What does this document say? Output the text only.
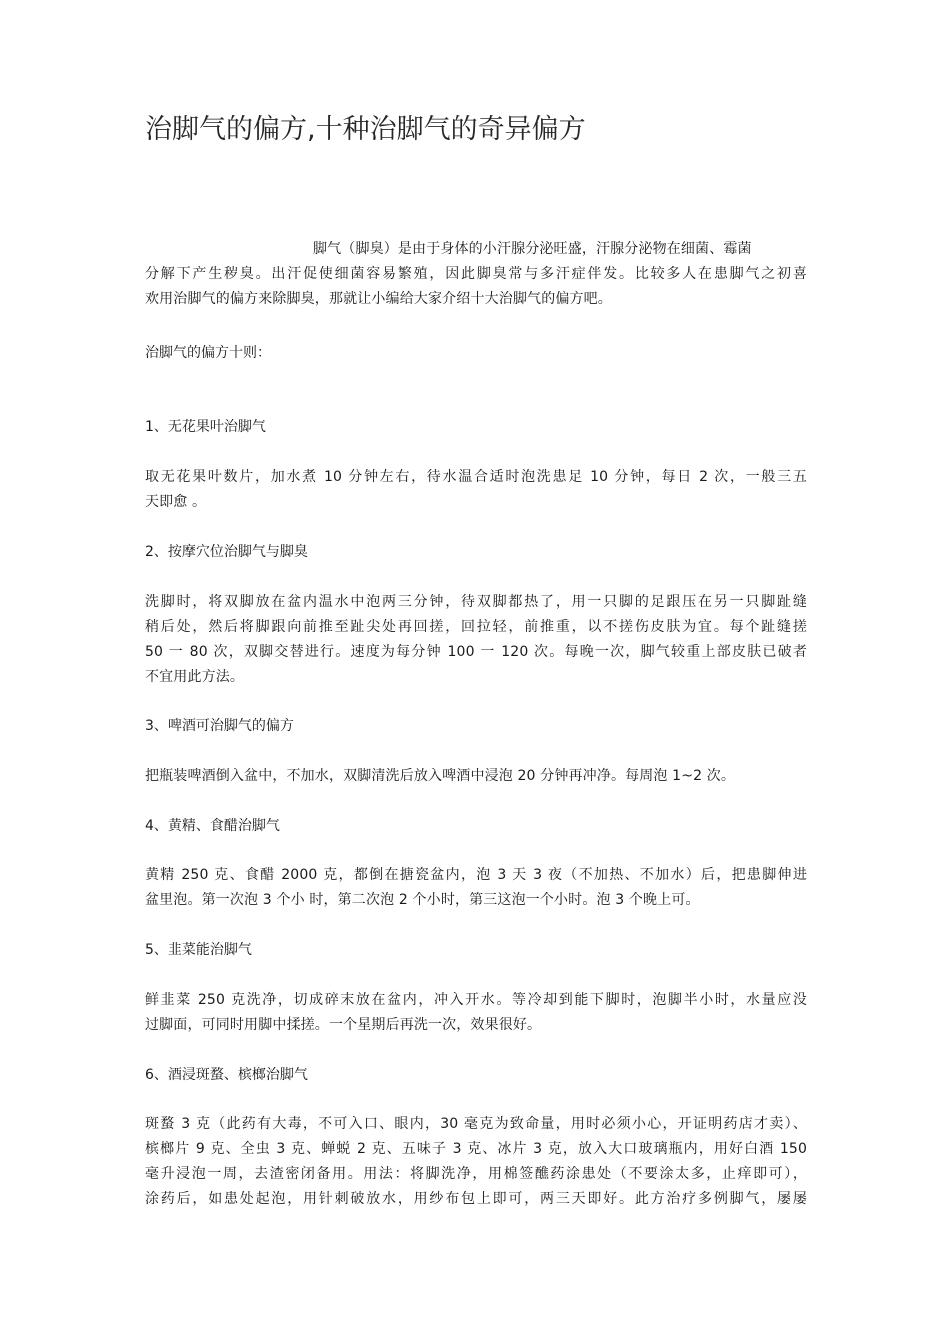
治脚气的偏方,十种治脚气的奇异偏方
脚气（脚臭）是由于身体的小汗腺分泌旺盛，汗腺分泌物在细菌、霉菌
分解下产生秽臭。出汗促使细菌容易繁殖，因此脚臭常与多汗症伴发。比较多人在患脚气之初喜
欢用治脚气的偏方来除脚臭，那就让小编给大家介绍十大治脚气的偏方吧。
治脚气的偏方十则：
1、无花果叶治脚气
取无花果叶数片，加水煮 10 分钟左右，待水温合适时泡洗患足 10 分钟，每日 2 次，一般三五
天即愈 。
2、按摩穴位治脚气与脚臭
洗脚时，将双脚放在盆内温水中泡两三分钟，待双脚都热了，用一只脚的足跟压在另一只脚趾缝
稍后处，然后将脚跟向前推至趾尖处再回搓，回拉轻，前推重，以不搓伤皮肤为宜。每个趾缝搓
50 一 80 次，双脚交替进行。速度为每分钟 100 一 120 次。每晚一次，脚气较重上部皮肤已破者
不宜用此方法。
3、啤酒可治脚气的偏方
把瓶装啤酒倒入盆中，不加水，双脚清洗后放入啤酒中浸泡 20 分钟再冲净。每周泡 1~2 次。
4、黄精、食醋治脚气
黄精 250 克、食醋 2000 克，都倒在搪瓷盆内，泡 3 天 3 夜（不加热、不加水）后，把患脚伸进
盆里泡。第一次泡 3 个小 时，第二次泡 2 个小时，第三这泡一个小时。泡 3 个晚上可。
5、韭菜能治脚气
鲜韭菜 250 克洗净，切成碎末放在盆内，冲入开水。等冷却到能下脚时，泡脚半小时，水量应没
过脚面，可同时用脚中揉搓。一个星期后再洗一次，效果很好。
6、酒浸斑蝥、槟榔治脚气
斑蝥 3 克（此药有大毒，不可入口、眼内，30 毫克为致命量，用时必须小心，开证明药店才卖）、
槟榔片 9 克、全虫 3 克、蝉蜕 2 克、五味子 3 克、冰片 3 克，放入大口玻璃瓶内，用好白酒 150
毫升浸泡一周，去渣密闭备用。用法：将脚洗净，用棉签醮药涂患处（不要涂太多，止痒即可），
涂药后，如患处起泡，用针刺破放水，用纱布包上即可，两三天即好。此方治疗多例脚气，屡屡
